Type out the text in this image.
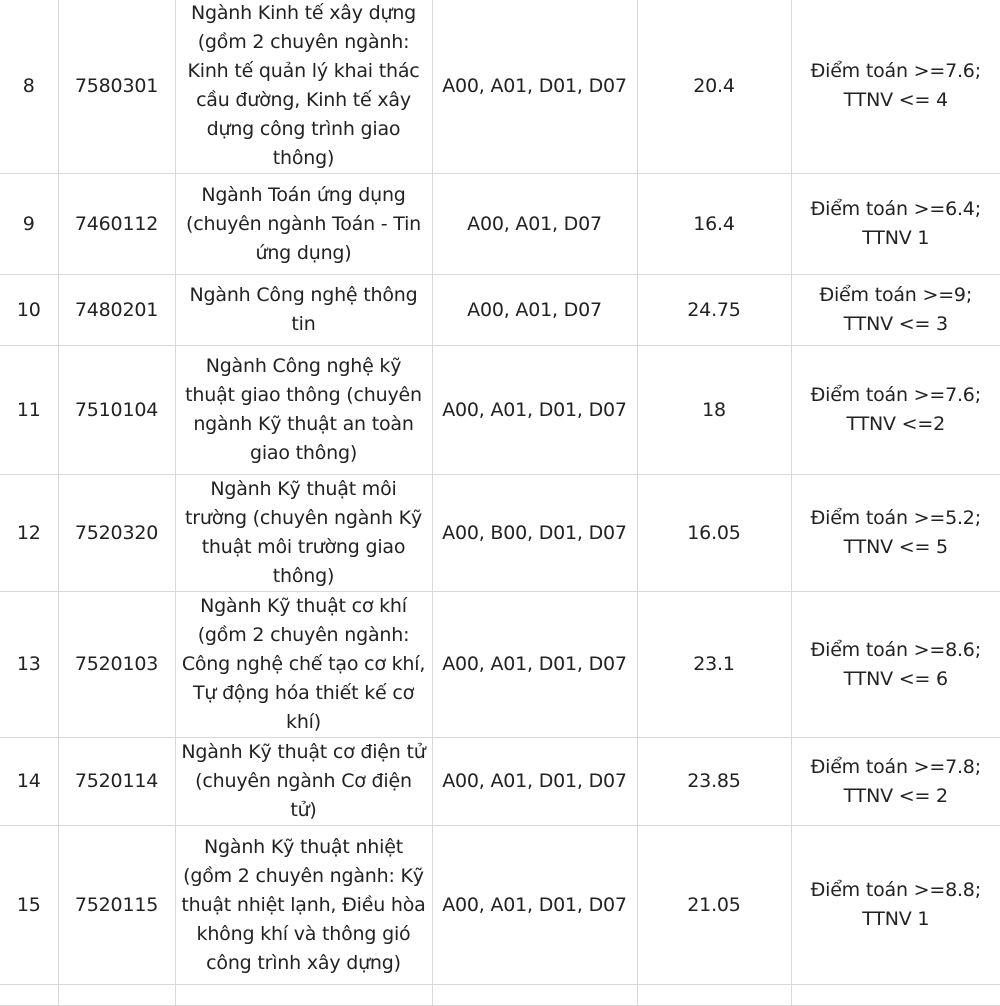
8	7580301	Ngành Kinh tế xây dựng (gồm 2 chuyên ngành: Kinh tế quản lý khai thác cầu đường, Kinh tế xây dựng công trình giao thông)	A00, A01, D01, D07	20.4	Điểm toán >=7.6; TTNV <= 4
9	7460112	Ngành Toán ứng dụng (chuyên ngành Toán - Tin ứng dụng)	A00, A01, D07	16.4	Điểm toán >=6.4; TTNV 1
10	7480201	Ngành Công nghệ thông tin	A00, A01, D07	24.75	Điểm toán >=9; TTNV <= 3
11	7510104	Ngành Công nghệ kỹ thuật giao thông (chuyên ngành Kỹ thuật an toàn giao thông)	A00, A01, D01, D07	18	Điểm toán >=7.6; TTNV <=2
12	7520320	Ngành Kỹ thuật môi trường (chuyên ngành Kỹ thuật môi trường giao thông)	A00, B00, D01, D07	16.05	Điểm toán >=5.2; TTNV <= 5
13	7520103	Ngành Kỹ thuật cơ khí (gồm 2 chuyên ngành: Công nghệ chế tạo cơ khí, Tự động hóa thiết kế cơ khí)	A00, A01, D01, D07	23.1	Điểm toán >=8.6; TTNV <= 6
14	7520114	Ngành Kỹ thuật cơ điện tử (chuyên ngành Cơ điện tử)	A00, A01, D01, D07	23.85	Điểm toán >=7.8; TTNV <= 2
15	7520115	Ngành Kỹ thuật nhiệt (gồm 2 chuyên ngành: Kỹ thuật nhiệt lạnh, Điều hòa không khí và thông gió công trình xây dựng)	A00, A01, D01, D07	21.05	Điểm toán >=8.8; TTNV 1
